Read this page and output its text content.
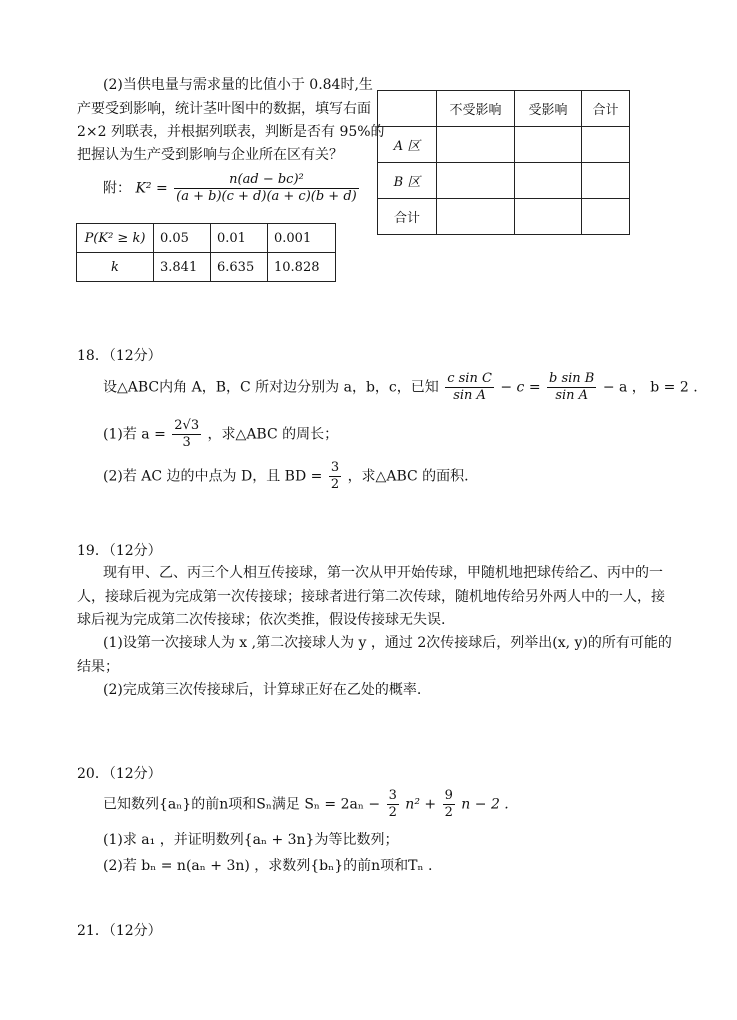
(2)当供电量与需求量的比值小于 0.84时,生
产要受到影响，统计茎叶图中的数据，填写右面
2×2 列联表，并根据列联表，判断是否有 95%的
把握认为生产受到影响与企业所在区有关？
附： $K^2 = \frac{\text{n(ad − bc)²}}{(a + b)(c + d)(a + c)(b + d)}$
P(K² ≥ k)	0.05	0.01	0.001
k	3.841	6.635	10.828
	不受影响	受影响	合计
A 区			
B 区			
合计			
18．（12分）
设△ABC内角 A，B，C 所对边分别为 a，b，c，已知 $\frac{\text{c sin C}}{\text{sin A}} - c = \frac{\text{b sin B}}{\text{sin A}} - a$ ， b = 2 .
(1)若 $a = \frac{2√3}{3}$ ，求△ABC 的周长；
(2)若 AC 边的中点为 D，且 BD = $\frac{3}{2}$ ，求△ABC 的面积.
19．（12分）
现有甲、乙、丙三个人相互传接球，第一次从甲开始传球，甲随机地把球传给乙、丙中的一
人，接球后视为完成第一次传接球；接球者进行第二次传球，随机地传给另外两人中的一人，接
球后视为完成第二次传接球；依次类推，假设传接球无失误.
(1)设第一次接球人为 x ,第二次接球人为 y ，通过 2次传接球后，列举出(x, y)的所有可能的
结果；
(2)完成第三次传接球后，计算球正好在乙处的概率.
20．（12分）
已知数列{aₙ}的前n项和Sₙ满足 $S_n = 2a_n - \frac{3}{2} n^2 + \frac{9}{2}$ n − 2 .
(1)求 a₁ ，并证明数列{aₙ + 3n}为等比数列；
(2)若 bₙ = n(aₙ + 3n) ，求数列{bₙ}的前n项和Tₙ .
21．（12分）
